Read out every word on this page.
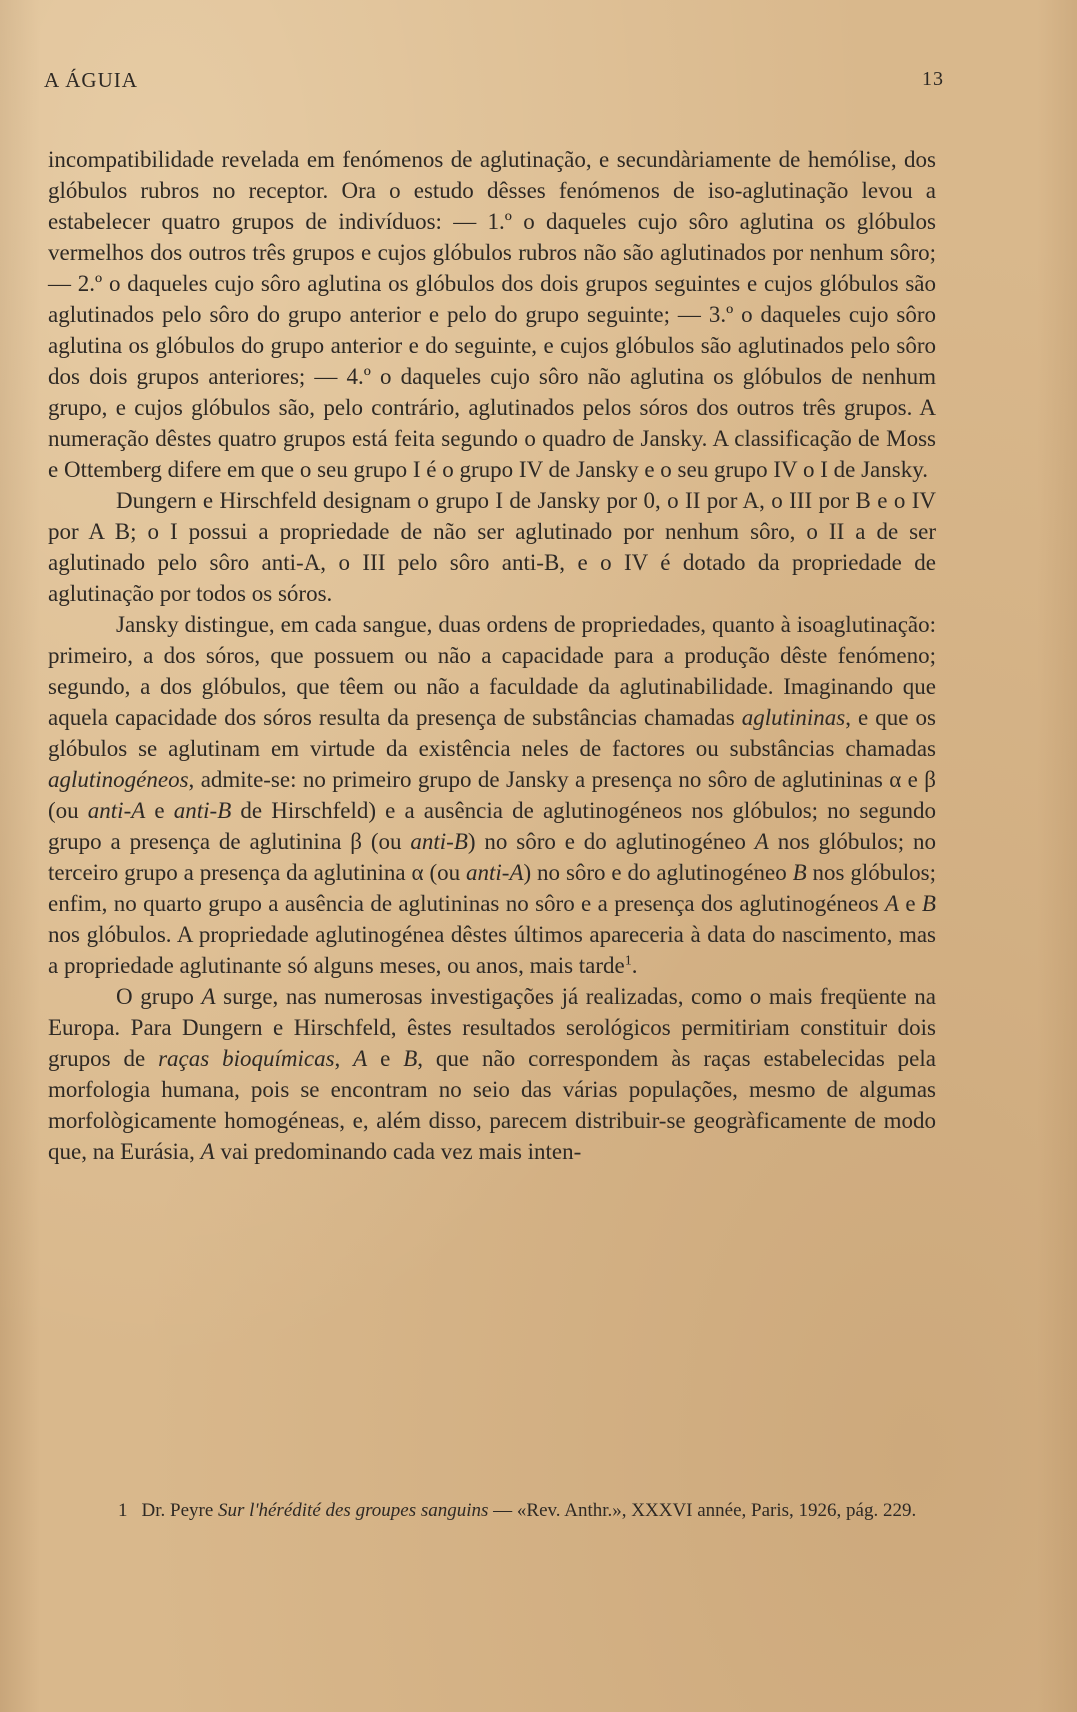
A ÁGUIA	13

incompatibilidade revelada em fenómenos de aglutinação, e secundàriamente de hemólise, dos glóbulos rubros no receptor. Ora o estudo dêsses fenómenos de iso-aglutinação levou a estabelecer quatro grupos de indivíduos: — 1.º o daqueles cujo sôro aglutina os glóbulos vermelhos dos outros três grupos e cujos glóbulos rubros não são aglutinados por nenhum sôro; — 2.º o daqueles cujo sôro aglutina os glóbulos dos dois grupos seguintes e cujos glóbulos são aglutinados pelo sôro do grupo anterior e pelo do grupo seguinte; — 3.º o daqueles cujo sôro aglutina os glóbulos do grupo anterior e do seguinte, e cujos glóbulos são aglutinados pelo sôro dos dois grupos anteriores; — 4.º o daqueles cujo sôro não aglutina os glóbulos de nenhum grupo, e cujos glóbulos são, pelo contrário, aglutinados pelos sóros dos outros três grupos. A numeração dêstes quatro grupos está feita segundo o quadro de Jansky. A classificação de Moss e Ottemberg difere em que o seu grupo I é o grupo IV de Jansky e o seu grupo IV o I de Jansky.

Dungern e Hirschfeld designam o grupo I de Jansky por 0, o II por A, o III por B e o IV por A B; o I possui a propriedade de não ser aglutinado por nenhum sôro, o II a de ser aglutinado pelo sôro anti-A, o III pelo sôro anti-B, e o IV é dotado da propriedade de aglutinação por todos os sóros.

Jansky distingue, em cada sangue, duas ordens de propriedades, quanto à isoaglutinação: primeiro, a dos sóros, que possuem ou não a capacidade para a produção dêste fenómeno; segundo, a dos glóbulos, que têem ou não a faculdade da aglutinabilidade. Imaginando que aquela capacidade dos sóros resulta da presença de substâncias chamadas aglutininas, e que os glóbulos se aglutinam em virtude da existência neles de factores ou substâncias chamadas aglutinogéneos, admite-se: no primeiro grupo de Jansky a presença no sôro de aglutininas α e β (ou anti-A e anti-B de Hirschfeld) e a ausência de aglutinogéneos nos glóbulos; no segundo grupo a presença de aglutinina β (ou anti-B) no sôro e do aglutinogéneo A nos glóbulos; no terceiro grupo a presença da aglutinina α (ou anti-A) no sôro e do aglutinogéneo B nos glóbulos; enfim, no quarto grupo a ausência de aglutininas no sôro e a presença dos aglutinogéneos A e B nos glóbulos. A propriedade aglutinogénea dêstes últimos apareceria à data do nascimento, mas a propriedade aglutinante só alguns meses, ou anos, mais tarde$^1$.

O grupo A surge, nas numerosas investigações já realizadas, como o mais freqüente na Europa. Para Dungern e Hirschfeld, êstes resultados serológicos permitiriam constituir dois grupos de raças bioquímicas, A e B, que não correspondem às raças estabelecidas pela morfologia humana, pois se encontram no seio das várias populações, mesmo de algumas morfològicamente homogéneas, e, além disso, parecem distribuir-se geogràficamente de modo que, na Eurásia, A vai predominando cada vez mais inten-

1 Dr. Peyre Sur l'hérédité des groupes sanguins — «Rev. Anthr.», XXXVI année, Paris, 1926, pág. 229.
